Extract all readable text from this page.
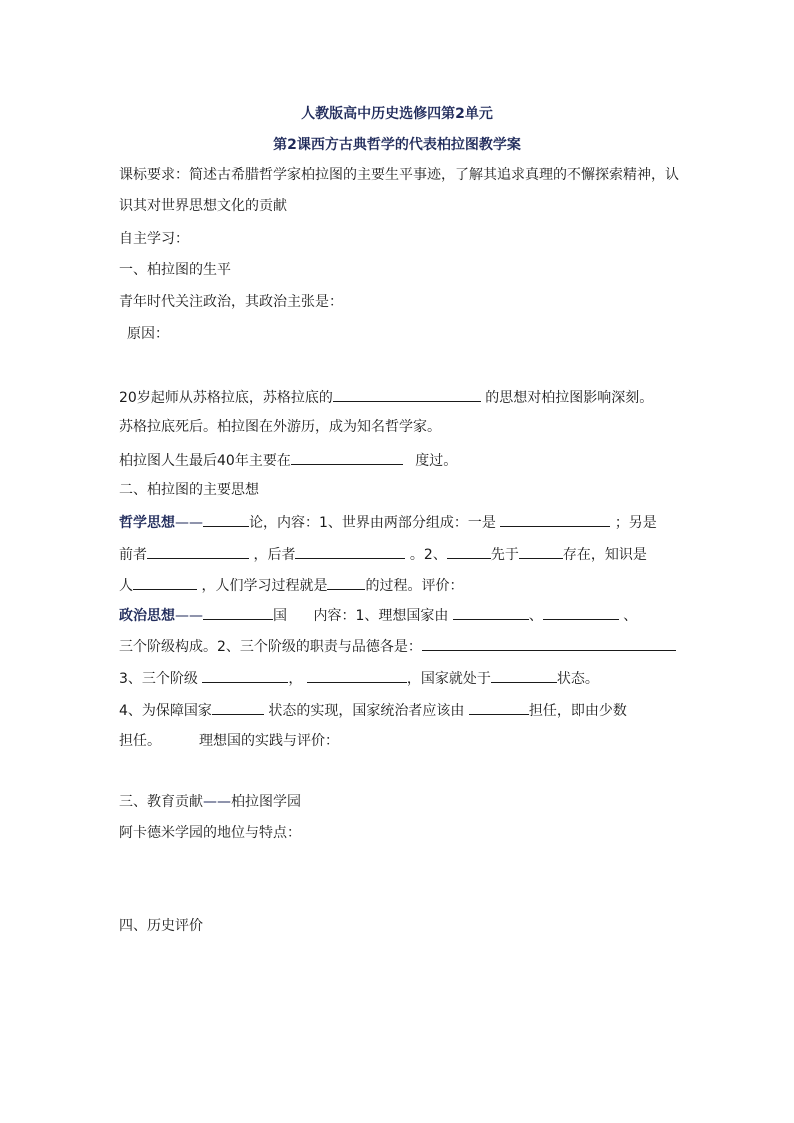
人教版高中历史选修四第2单元
第2课西方古典哲学的代表柏拉图教学案
课标要求：简述古希腊哲学家柏拉图的主要生平事迹，了解其追求真理的不懈探索精神，认
识其对世界思想文化的贡献
自主学习：
一、柏拉图的生平
青年时代关注政治，其政治主张是：
原因：
20岁起师从苏格拉底，苏格拉底的	的思想对柏拉图影响深刻。
苏格拉底死后。柏拉图在外游历，成为知名哲学家。
柏拉图人生最后40年主要在	度过。
二、柏拉图的主要思想
哲学思想——	论，内容：1、世界由两部分组成：一是	；另是
前者	，后者	。2、	先于	存在，知识是
人	，人们学习过程就是	的过程。评价：
政治思想——	国 内容：1、理想国家由	、	、
三个阶级构成。2、三个阶级的职责与品德各是：
3、三个阶级	，	，国家就处于	状态。
4、为保障国家	状态的实现，国家统治者应该由	担任，即由少数
担任。	理想国的实践与评价：
三、教育贡献——柏拉图学园
阿卡德米学园的地位与特点：
四、历史评价
